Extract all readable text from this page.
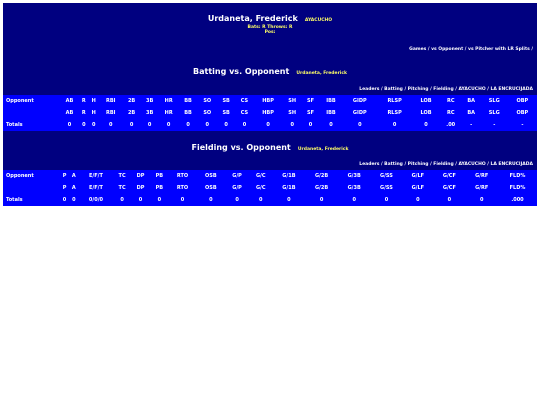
Urdaneta, Frederick AYACUCHO
Bats: R Throws: R
Pos:
Games / vs Opponent / vs Pitcher with LR Splits /
Batting vs. Opponent Urdaneta, Frederick
Leaders / Batting / Pitching / Fielding / AYACUCHO / LA ENCRUCIJADA
Opponent	AB	R	H	RBI	2B	3B	HR	BB	SO	SB	CS	HBP	SH	SF	IBB	GIDP	RLSP	LOB	RC	BA	SLG	OBP
	AB	R	H	RBI	2B	3B	HR	BB	SO	SB	CS	HBP	SH	SF	IBB	GIDP	RLSP	LOB	RC	BA	SLG	OBP
Totals	0	0	0	0	0	0	0	0	0	0	0	0	0	0	0	0	0	0	.00	-	-	-
Fielding vs. Opponent Urdaneta, Frederick
Leaders / Batting / Pitching / Fielding / AYACUCHO / LA ENCRUCIJADA
Opponent	P	A	E/F/T	TC	DP	PB	RTO	OSB	G/P	G/C	G/1B	G/2B	G/3B	G/SS	G/LF	G/CF	G/RF	FLD%
	P	A	E/F/T	TC	DP	PB	RTO	OSB	G/P	G/C	G/1B	G/2B	G/3B	G/SS	G/LF	G/CF	G/RF	FLD%
Totals	0	0	0/0/0	0	0	0	0	0	0	0	0	0	0	0	0	0	0	.000
